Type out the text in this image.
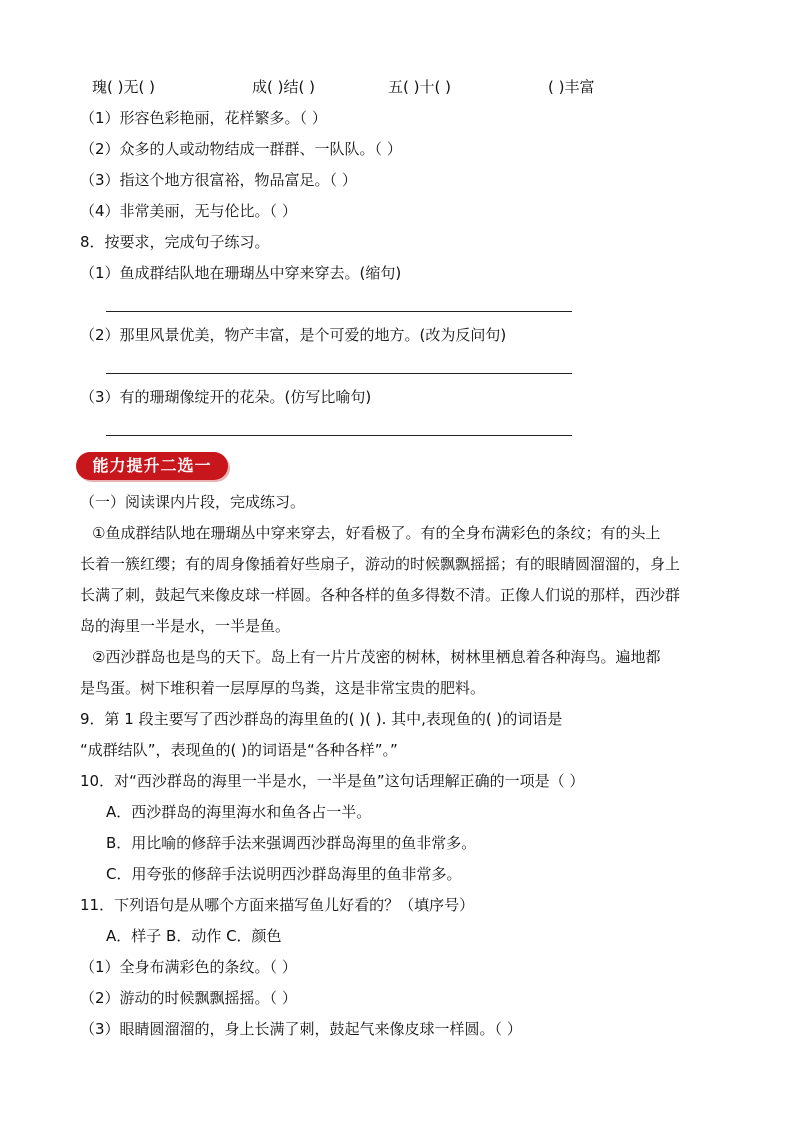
瑰( )无( )	成( )结( )	五( )十( )	( )丰富
（1）形容色彩艳丽，花样繁多。（ ）
（2）众多的人或动物结成一群群、一队队。（ ）
（3）指这个地方很富裕，物品富足。（ ）
（4）非常美丽，无与伦比。（ ）
8．按要求，完成句子练习。
（1）鱼成群结队地在珊瑚丛中穿来穿去。(缩句)
（2）那里风景优美，物产丰富，是个可爱的地方。(改为反问句)
（3）有的珊瑚像绽开的花朵。(仿写比喻句)
能力提升二选一
（一）阅读课内片段，完成练习。
①鱼成群结队地在珊瑚丛中穿来穿去，好看极了。有的全身布满彩色的条纹；有的头上
长着一簇红缨；有的周身像插着好些扇子，游动的时候飘飘摇摇；有的眼睛圆溜溜的，身上
长满了刺，鼓起气来像皮球一样圆。各种各样的鱼多得数不清。正像人们说的那样，西沙群
岛的海里一半是水，一半是鱼。
②西沙群岛也是鸟的天下。岛上有一片片茂密的树林，树林里栖息着各种海鸟。遍地都
是鸟蛋。树下堆积着一层厚厚的鸟粪，这是非常宝贵的肥料。
9．第 1 段主要写了西沙群岛的海里鱼的( )( ). 其中,表现鱼的( )的词语是
“成群结队”，表现鱼的( )的词语是“各种各样”。”
10．对“西沙群岛的海里一半是水，一半是鱼”这句话理解正确的一项是（ ）
A．西沙群岛的海里海水和鱼各占一半。
B．用比喻的修辞手法来强调西沙群岛海里的鱼非常多。
C．用夸张的修辞手法说明西沙群岛海里的鱼非常多。
11．下列语句是从哪个方面来描写鱼儿好看的？（填序号）
A．样子 B．动作 C．颜色
（1）全身布满彩色的条纹。（ ）
（2）游动的时候飘飘摇摇。（ ）
（3）眼睛圆溜溜的，身上长满了刺，鼓起气来像皮球一样圆。（ ）
